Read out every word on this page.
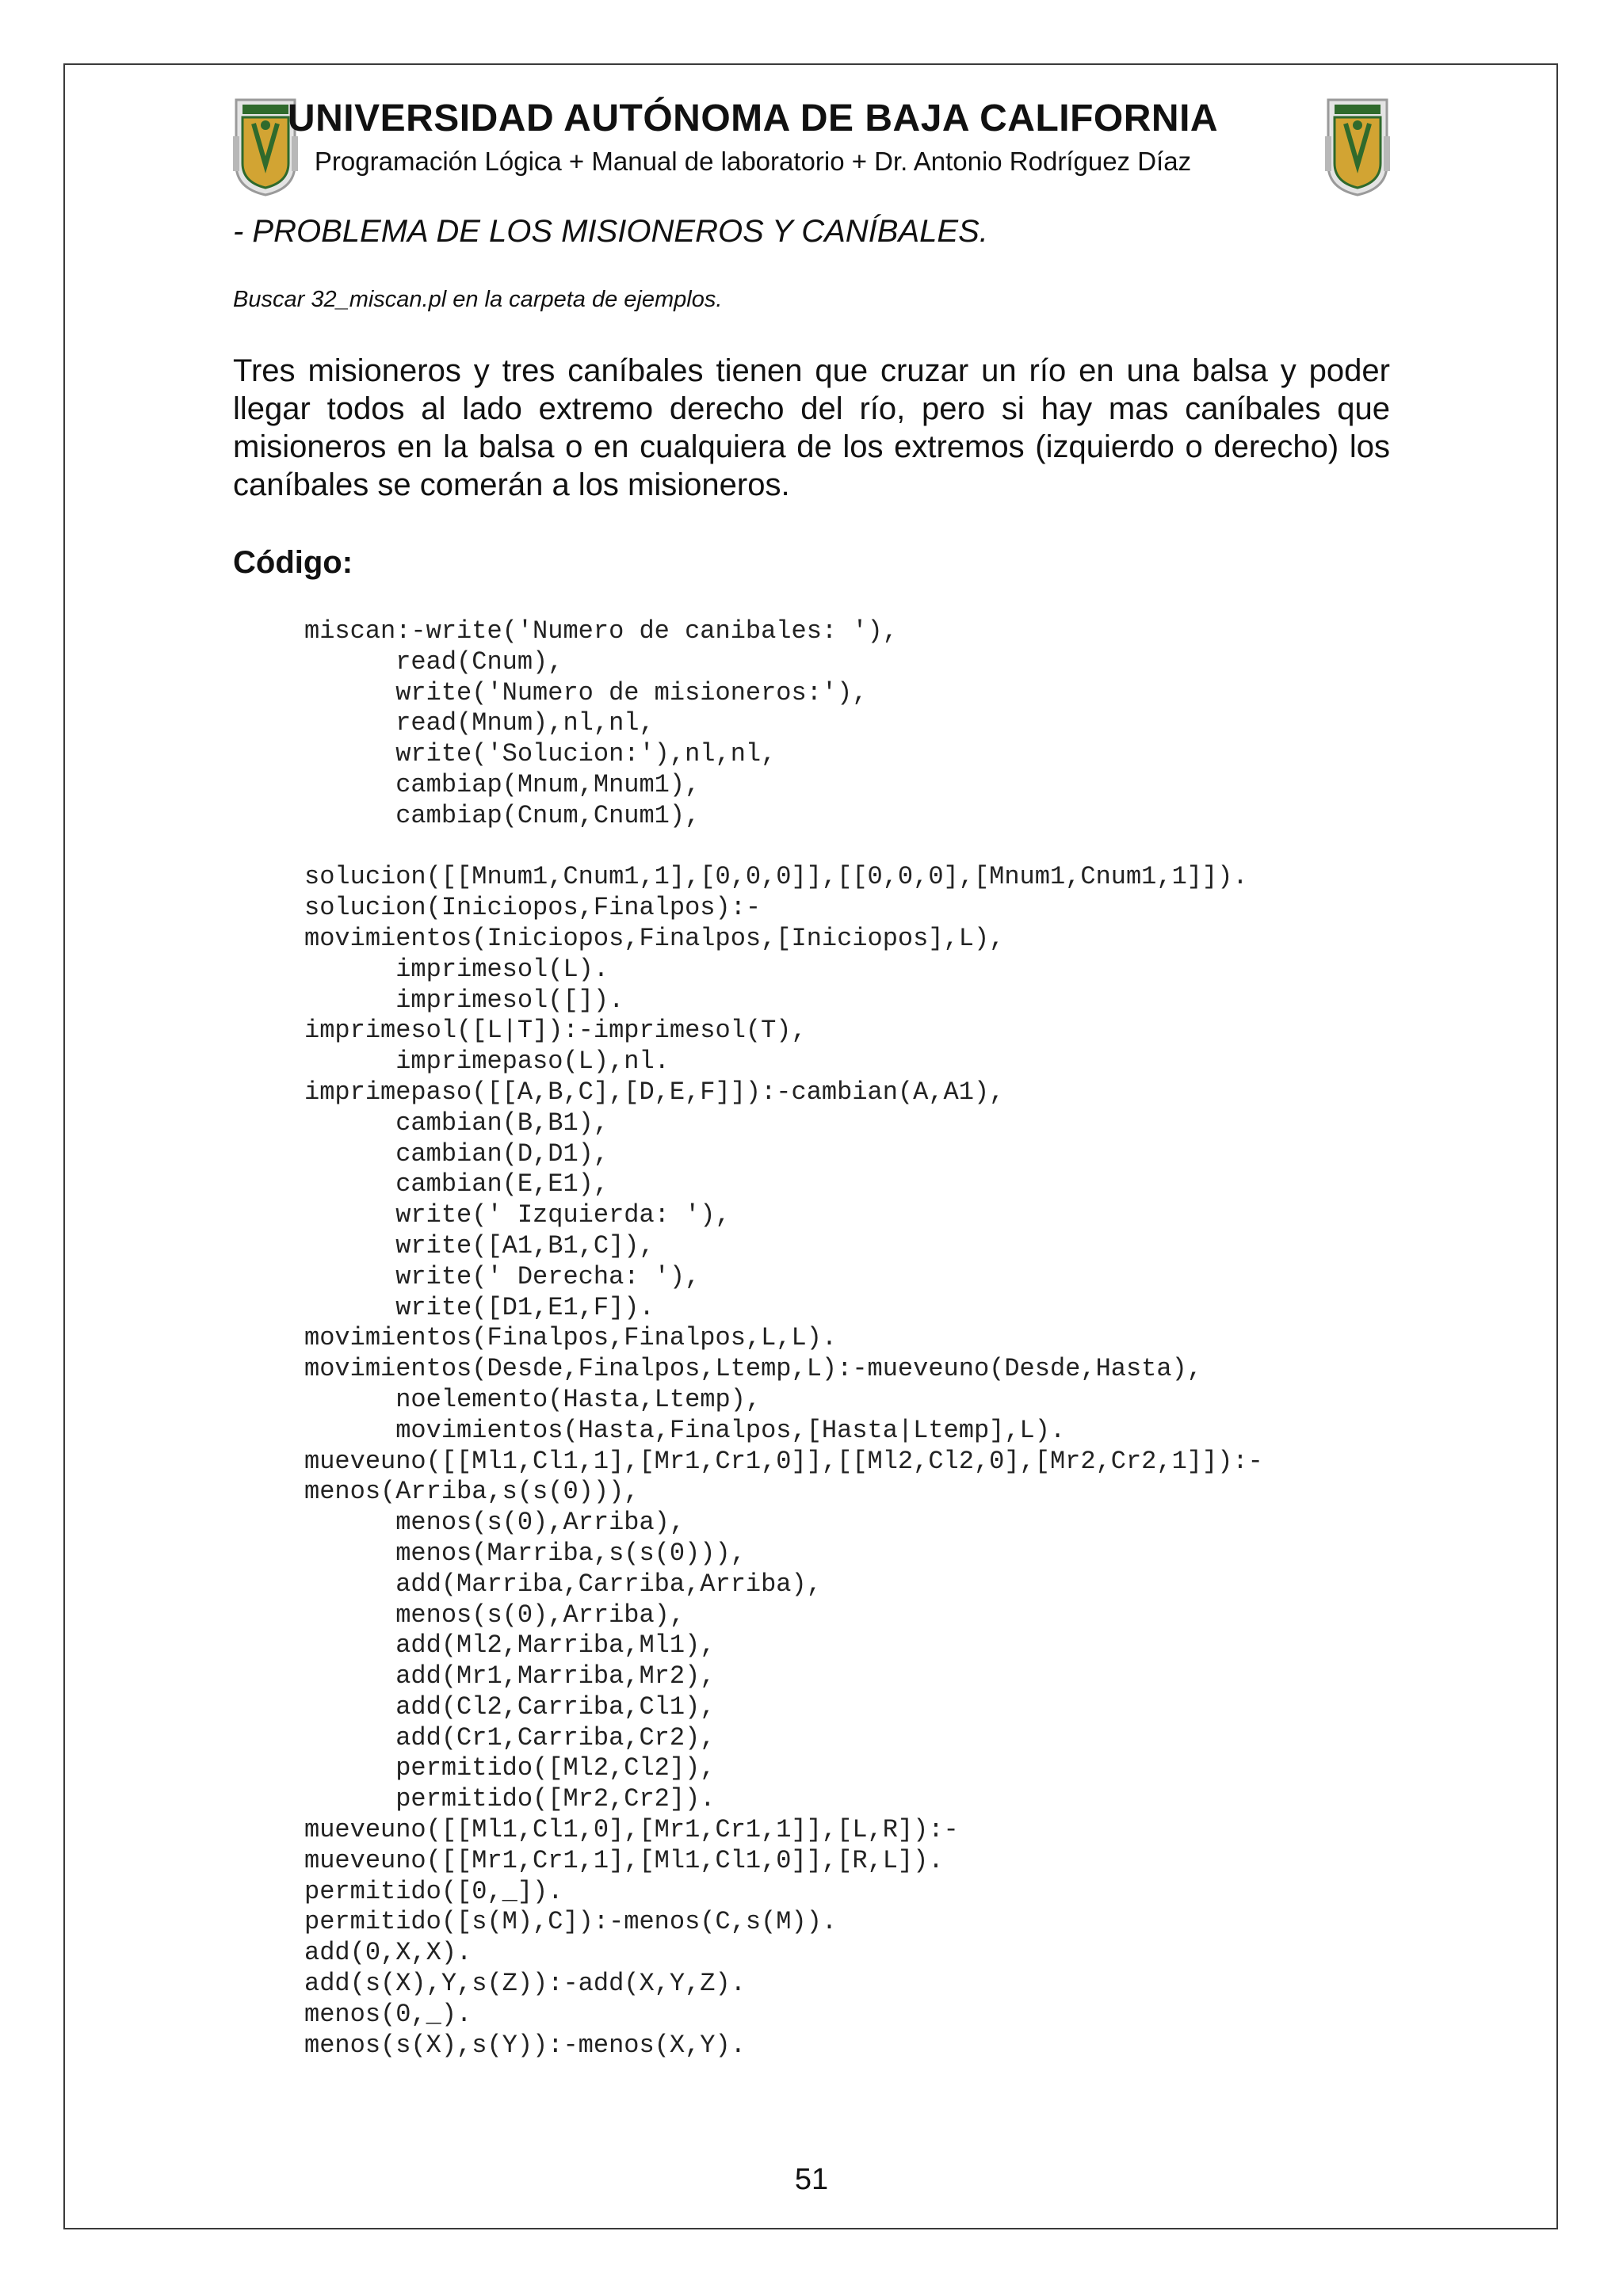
UNIVERSIDAD AUTÓNOMA DE BAJA CALIFORNIA
Programación Lógica + Manual de laboratorio + Dr. Antonio Rodríguez Díaz
- PROBLEMA DE LOS MISIONEROS Y CANÍBALES.
Buscar 32_miscan.pl en la carpeta de ejemplos.
Tres misioneros y tres caníbales tienen que cruzar un río en una balsa y poder llegar todos al lado extremo derecho del río, pero si hay mas caníbales que misioneros en la balsa o en cualquiera de los extremos (izquierdo o derecho) los caníbales se comerán a los misioneros.
Código:
miscan:-write('Numero de canibales: '),
read(Cnum),
write('Numero de misioneros:'),
read(Mnum),nl,nl,
write('Solucion:'),nl,nl,
cambiap(Mnum,Mnum1),
cambiap(Cnum,Cnum1),
solucion([[Mnum1,Cnum1,1],[0,0,0]],[[0,0,0],[Mnum1,Cnum1,1]]).
solucion(Iniciopos,Finalpos):-
movimientos(Iniciopos,Finalpos,[Iniciopos],L),
imprimesol(L).
imprimesol([]).
imprimesol([L|T]):-imprimesol(T),
imprimepaso(L),nl.
imprimepaso([[A,B,C],[D,E,F]]):-cambian(A,A1),
cambian(B,B1),
cambian(D,D1),
cambian(E,E1),
write(' Izquierda: '),
write([A1,B1,C]),
write(' Derecha: '),
write([D1,E1,F]).
movimientos(Finalpos,Finalpos,L,L).
movimientos(Desde,Finalpos,Ltemp,L):-mueveuno(Desde,Hasta),
noelemento(Hasta,Ltemp),
movimientos(Hasta,Finalpos,[Hasta|Ltemp],L).
mueveuno([[Ml1,Cl1,1],[Mr1,Cr1,0]],[[Ml2,Cl2,0],[Mr2,Cr2,1]]):-
menos(Arriba,s(s(0))),
menos(s(0),Arriba),
menos(Marriba,s(s(0))),
add(Marriba,Carriba,Arriba),
menos(s(0),Arriba),
add(Ml2,Marriba,Ml1),
add(Mr1,Marriba,Mr2),
add(Cl2,Carriba,Cl1),
add(Cr1,Carriba,Cr2),
permitido([Ml2,Cl2]),
permitido([Mr2,Cr2]).
mueveuno([[Ml1,Cl1,0],[Mr1,Cr1,1]],[L,R]):-
mueveuno([[Mr1,Cr1,1],[Ml1,Cl1,0]],[R,L]).
permitido([0,_]).
permitido([s(M),C]):-menos(C,s(M)).
add(0,X,X).
add(s(X),Y,s(Z)):-add(X,Y,Z).
menos(0,_).
menos(s(X),s(Y)):-menos(X,Y).
51
